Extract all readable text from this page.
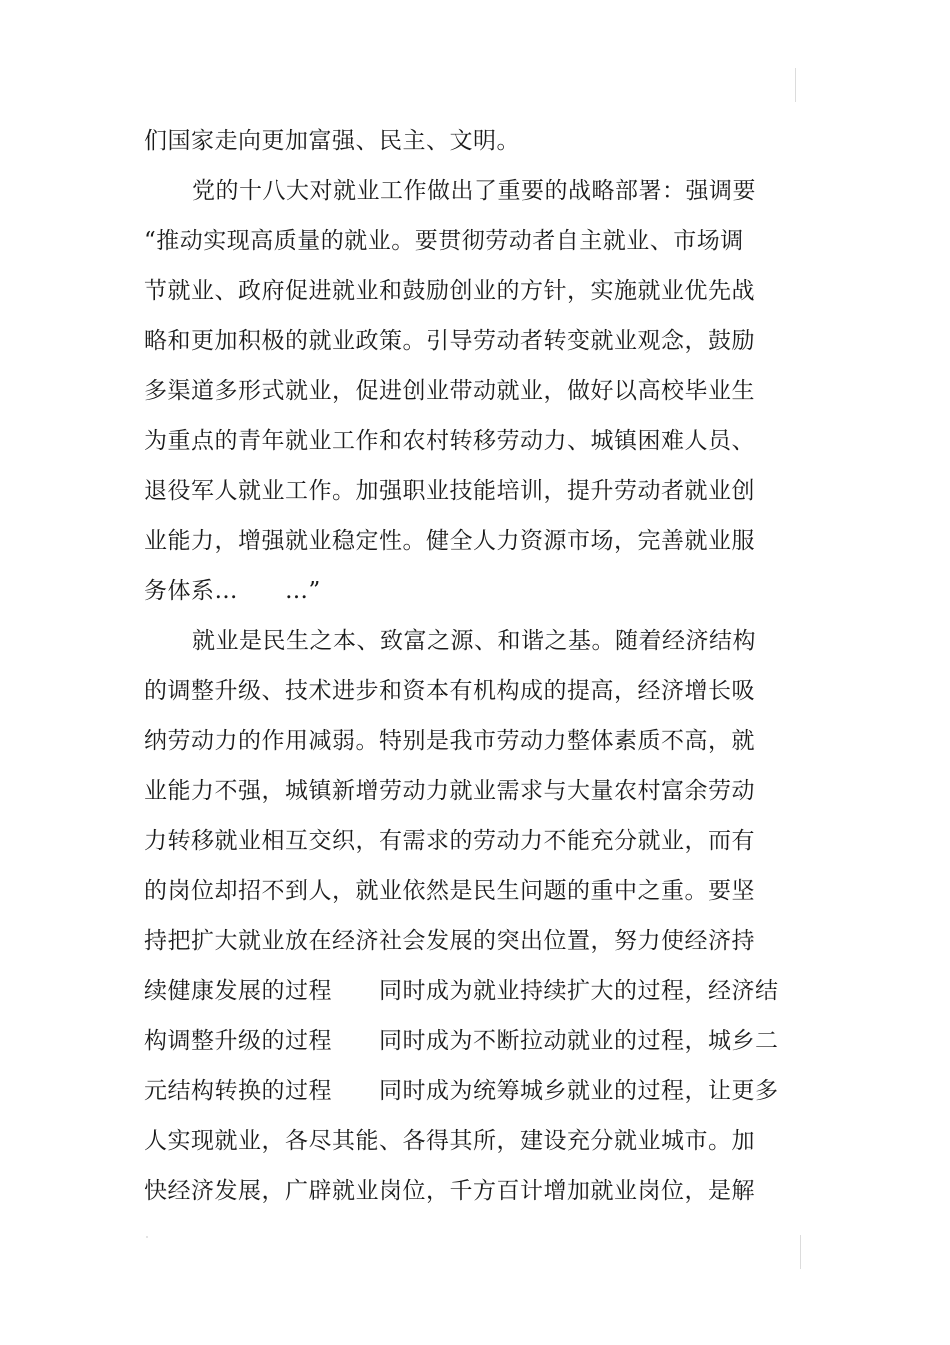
们国家走向更加富强、民主、文明。
党的十八大对就业工作做出了重要的战略部署：强调要
“推动实现高质量的就业。要贯彻劳动者自主就业、市场调
节就业、政府促进就业和鼓励创业的方针，实施就业优先战
略和更加积极的就业政策。引导劳动者转变就业观念，鼓励
多渠道多形式就业，促进创业带动就业，做好以高校毕业生
为重点的青年就业工作和农村转移劳动力、城镇困难人员、
退役军人就业工作。加强职业技能培训，提升劳动者就业创
业能力，增强就业稳定性。健全人力资源市场，完善就业服
务体系…　　…”
就业是民生之本、致富之源、和谐之基。随着经济结构
的调整升级、技术进步和资本有机构成的提高，经济增长吸
纳劳动力的作用减弱。特别是我市劳动力整体素质不高，就
业能力不强，城镇新增劳动力就业需求与大量农村富余劳动
力转移就业相互交织，有需求的劳动力不能充分就业，而有
的岗位却招不到人，就业依然是民生问题的重中之重。要坚
持把扩大就业放在经济社会发展的突出位置，努力使经济持
续健康发展的过程　　同时成为就业持续扩大的过程，经济结
构调整升级的过程　　同时成为不断拉动就业的过程，城乡二
元结构转换的过程　　同时成为统筹城乡就业的过程，让更多
人实现就业，各尽其能、各得其所，建设充分就业城市。加
快经济发展，广辟就业岗位，千方百计增加就业岗位，是解
